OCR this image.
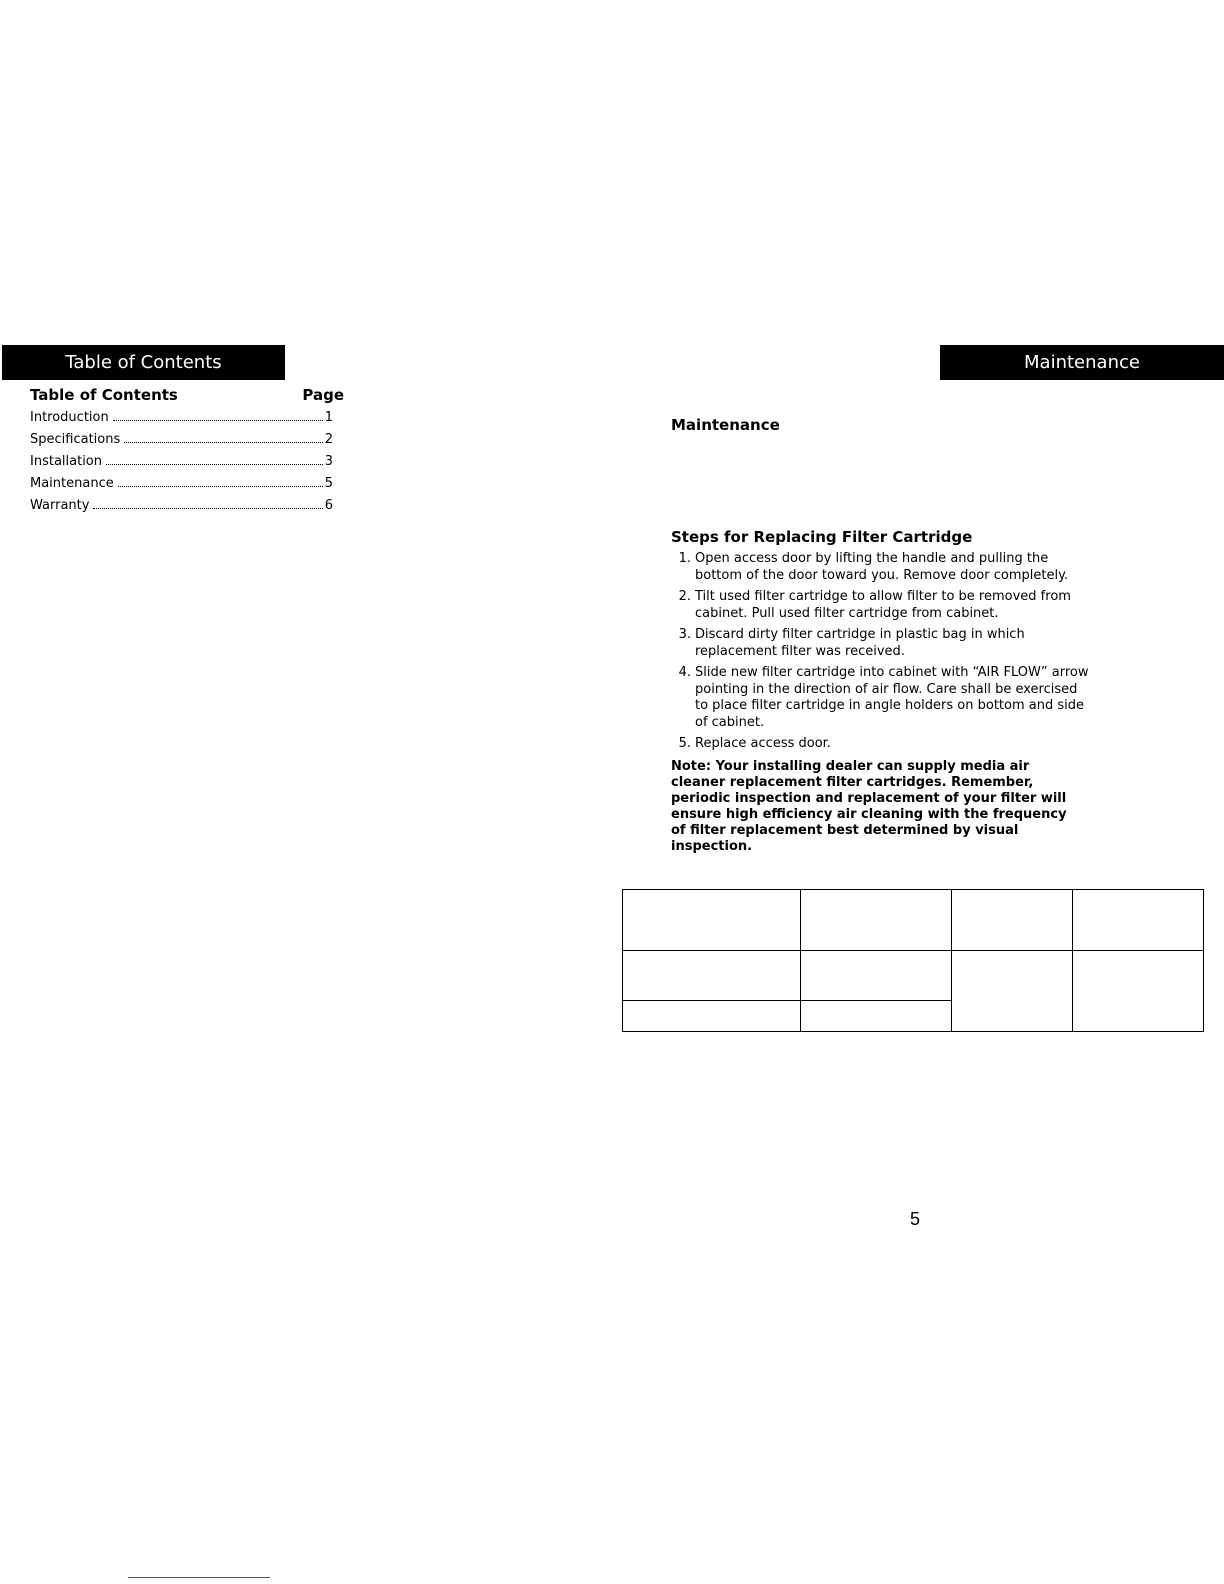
Table of Contents
Table of Contents	Page
Introduction	1
Specifications	2
Installation	3
Maintenance	5
Warranty	6
Maintenance
Maintenance
Steps for Replacing Filter Cartridge
1. Open access door by lifting the handle and pulling the bottom of the door toward you. Remove door completely.
2. Tilt used filter cartridge to allow filter to be removed from cabinet. Pull used filter cartridge from cabinet.
3. Discard dirty filter cartridge in plastic bag in which replacement filter was received.
4. Slide new filter cartridge into cabinet with “AIR FLOW” arrow pointing in the direction of air flow. Care shall be exercised to place filter cartridge in angle holders on bottom and side of cabinet.
5. Replace access door.
Note: Your installing dealer can supply media air cleaner replacement filter cartridges. Remember, periodic inspection and replacement of your filter will ensure high efficiency air cleaning with the frequency of filter replacement best determined by visual inspection.

5
